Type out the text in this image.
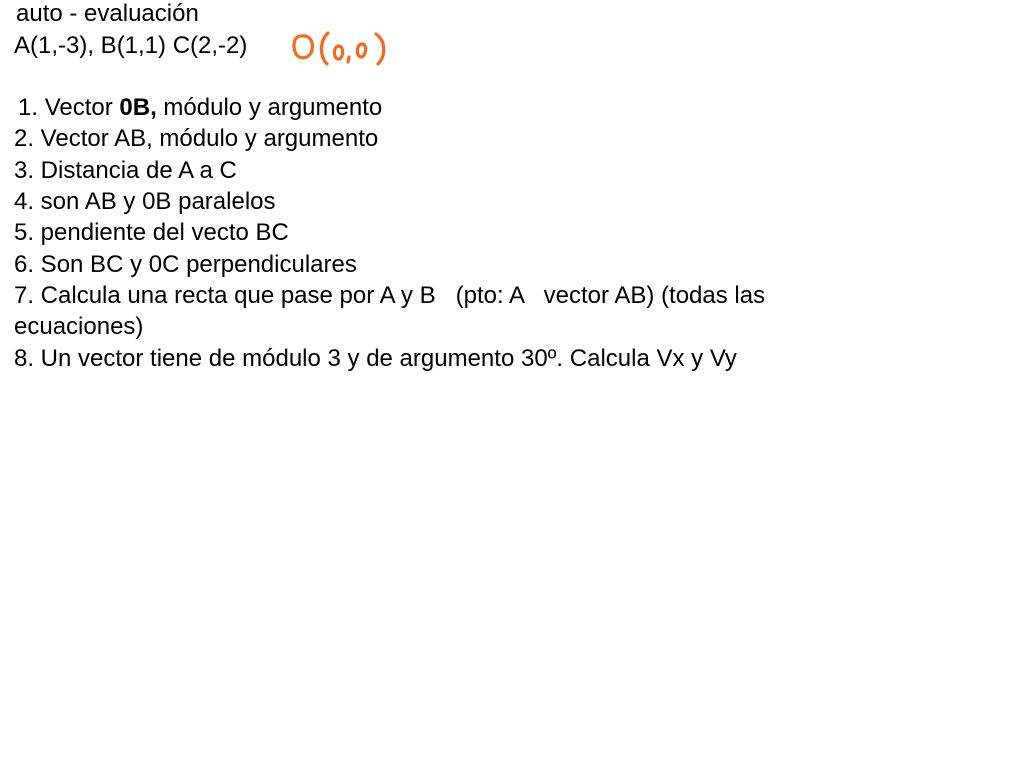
auto - evaluación

A(1,-3), B(1,1) C(2,-2)

1. Vector 0B, módulo y argumento

2. Vector AB, módulo y argumento

3. Distancia de A a C

4. son AB y 0B paralelos

5. pendiente del vecto BC

6. Son BC y 0C perpendiculares

7. Calcula una recta que pase por A y B   (pto: A   vector AB) (todas las

ecuaciones)

8. Un vector tiene de módulo 3 y de argumento 30º. Calcula Vx y Vy
